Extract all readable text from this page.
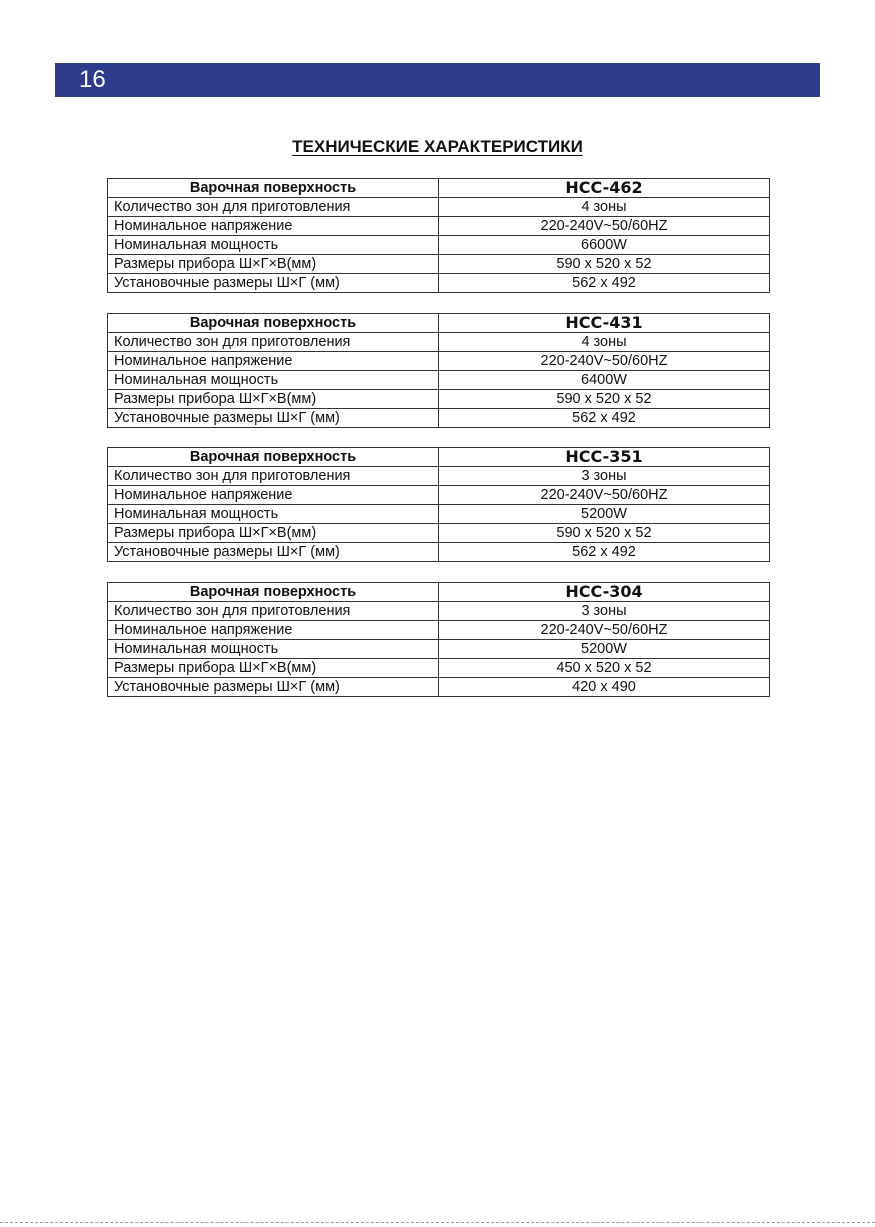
16
ТЕХНИЧЕСКИЕ ХАРАКТЕРИСТИКИ
Варочная поверхность	HCC-462
Количество зон для приготовления	4 зоны
Номинальное напряжение	220-240V~50/60HZ
Номинальная мощность	6600W
Размеры прибора Ш×Г×В(мм)	590 x 520 x 52
Установочные размеры Ш×Г (мм)	562 x 492
Варочная поверхность	HCC-431
Количество зон для приготовления	4 зоны
Номинальное напряжение	220-240V~50/60HZ
Номинальная мощность	6400W
Размеры прибора Ш×Г×В(мм)	590 x 520 x 52
Установочные размеры Ш×Г (мм)	562 x 492
Варочная поверхность	HCC-351
Количество зон для приготовления	3 зоны
Номинальное напряжение	220-240V~50/60HZ
Номинальная мощность	5200W
Размеры прибора Ш×Г×В(мм)	590 x 520 x 52
Установочные размеры Ш×Г (мм)	562 x 492
Варочная поверхность	HCC-304
Количество зон для приготовления	3 зоны
Номинальное напряжение	220-240V~50/60HZ
Номинальная мощность	5200W
Размеры прибора Ш×Г×В(мм)	450 x 520 x 52
Установочные размеры Ш×Г (мм)	420 x 490
